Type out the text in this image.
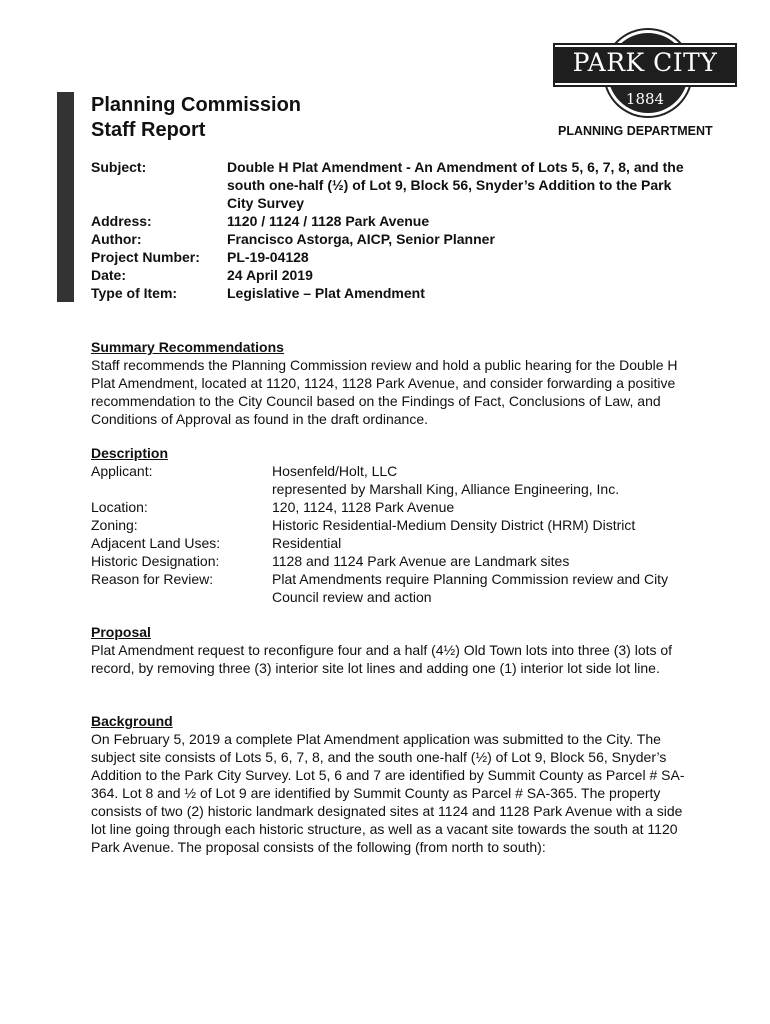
Planning Commission
Staff Report
PARK CITY
1884
PLANNING DEPARTMENT
Subject:	Double H Plat Amendment - An Amendment of Lots 5, 6, 7, 8, and the south one-half (½) of Lot 9, Block 56, Snyder’s Addition to the Park City Survey
Address:	1120 / 1124 / 1128 Park Avenue
Author:	Francisco Astorga, AICP, Senior Planner
Project Number: PL-19-04128
Date:	24 April 2019
Type of Item:	Legislative – Plat Amendment
Summary Recommendations

Staff recommends the Planning Commission review and hold a public hearing for the Double H Plat Amendment, located at 1120, 1124, 1128 Park Avenue, and consider forwarding a positive recommendation to the City Council based on the Findings of Fact, Conclusions of Law, and Conditions of Approval as found in the draft ordinance.

Description
Applicant:	Hosenfeld/Holt, LLC
represented by Marshall King, Alliance Engineering, Inc.
Location:	120, 1124, 1128 Park Avenue
Zoning:	Historic Residential-Medium Density District (HRM) District
Adjacent Land Uses:	Residential
Historic Designation:	1128 and 1124 Park Avenue are Landmark sites
Reason for Review:	Plat Amendments require Planning Commission review and City Council review and action
Proposal

Plat Amendment request to reconfigure four and a half (4½) Old Town lots into three (3) lots of record, by removing three (3) interior site lot lines and adding one (1) interior lot side lot line.

Background

On February 5, 2019 a complete Plat Amendment application was submitted to the City. The subject site consists of Lots 5, 6, 7, 8, and the south one-half (½) of Lot 9, Block 56, Snyder’s Addition to the Park City Survey. Lot 5, 6 and 7 are identified by Summit County as Parcel # SA-364. Lot 8 and ½ of Lot 9 are identified by Summit County as Parcel # SA-365. The property consists of two (2) historic landmark designated sites at 1124 and 1128 Park Avenue with a side lot line going through each historic structure, as well as a vacant site towards the south at 1120 Park Avenue. The proposal consists of the following (from north to south):
